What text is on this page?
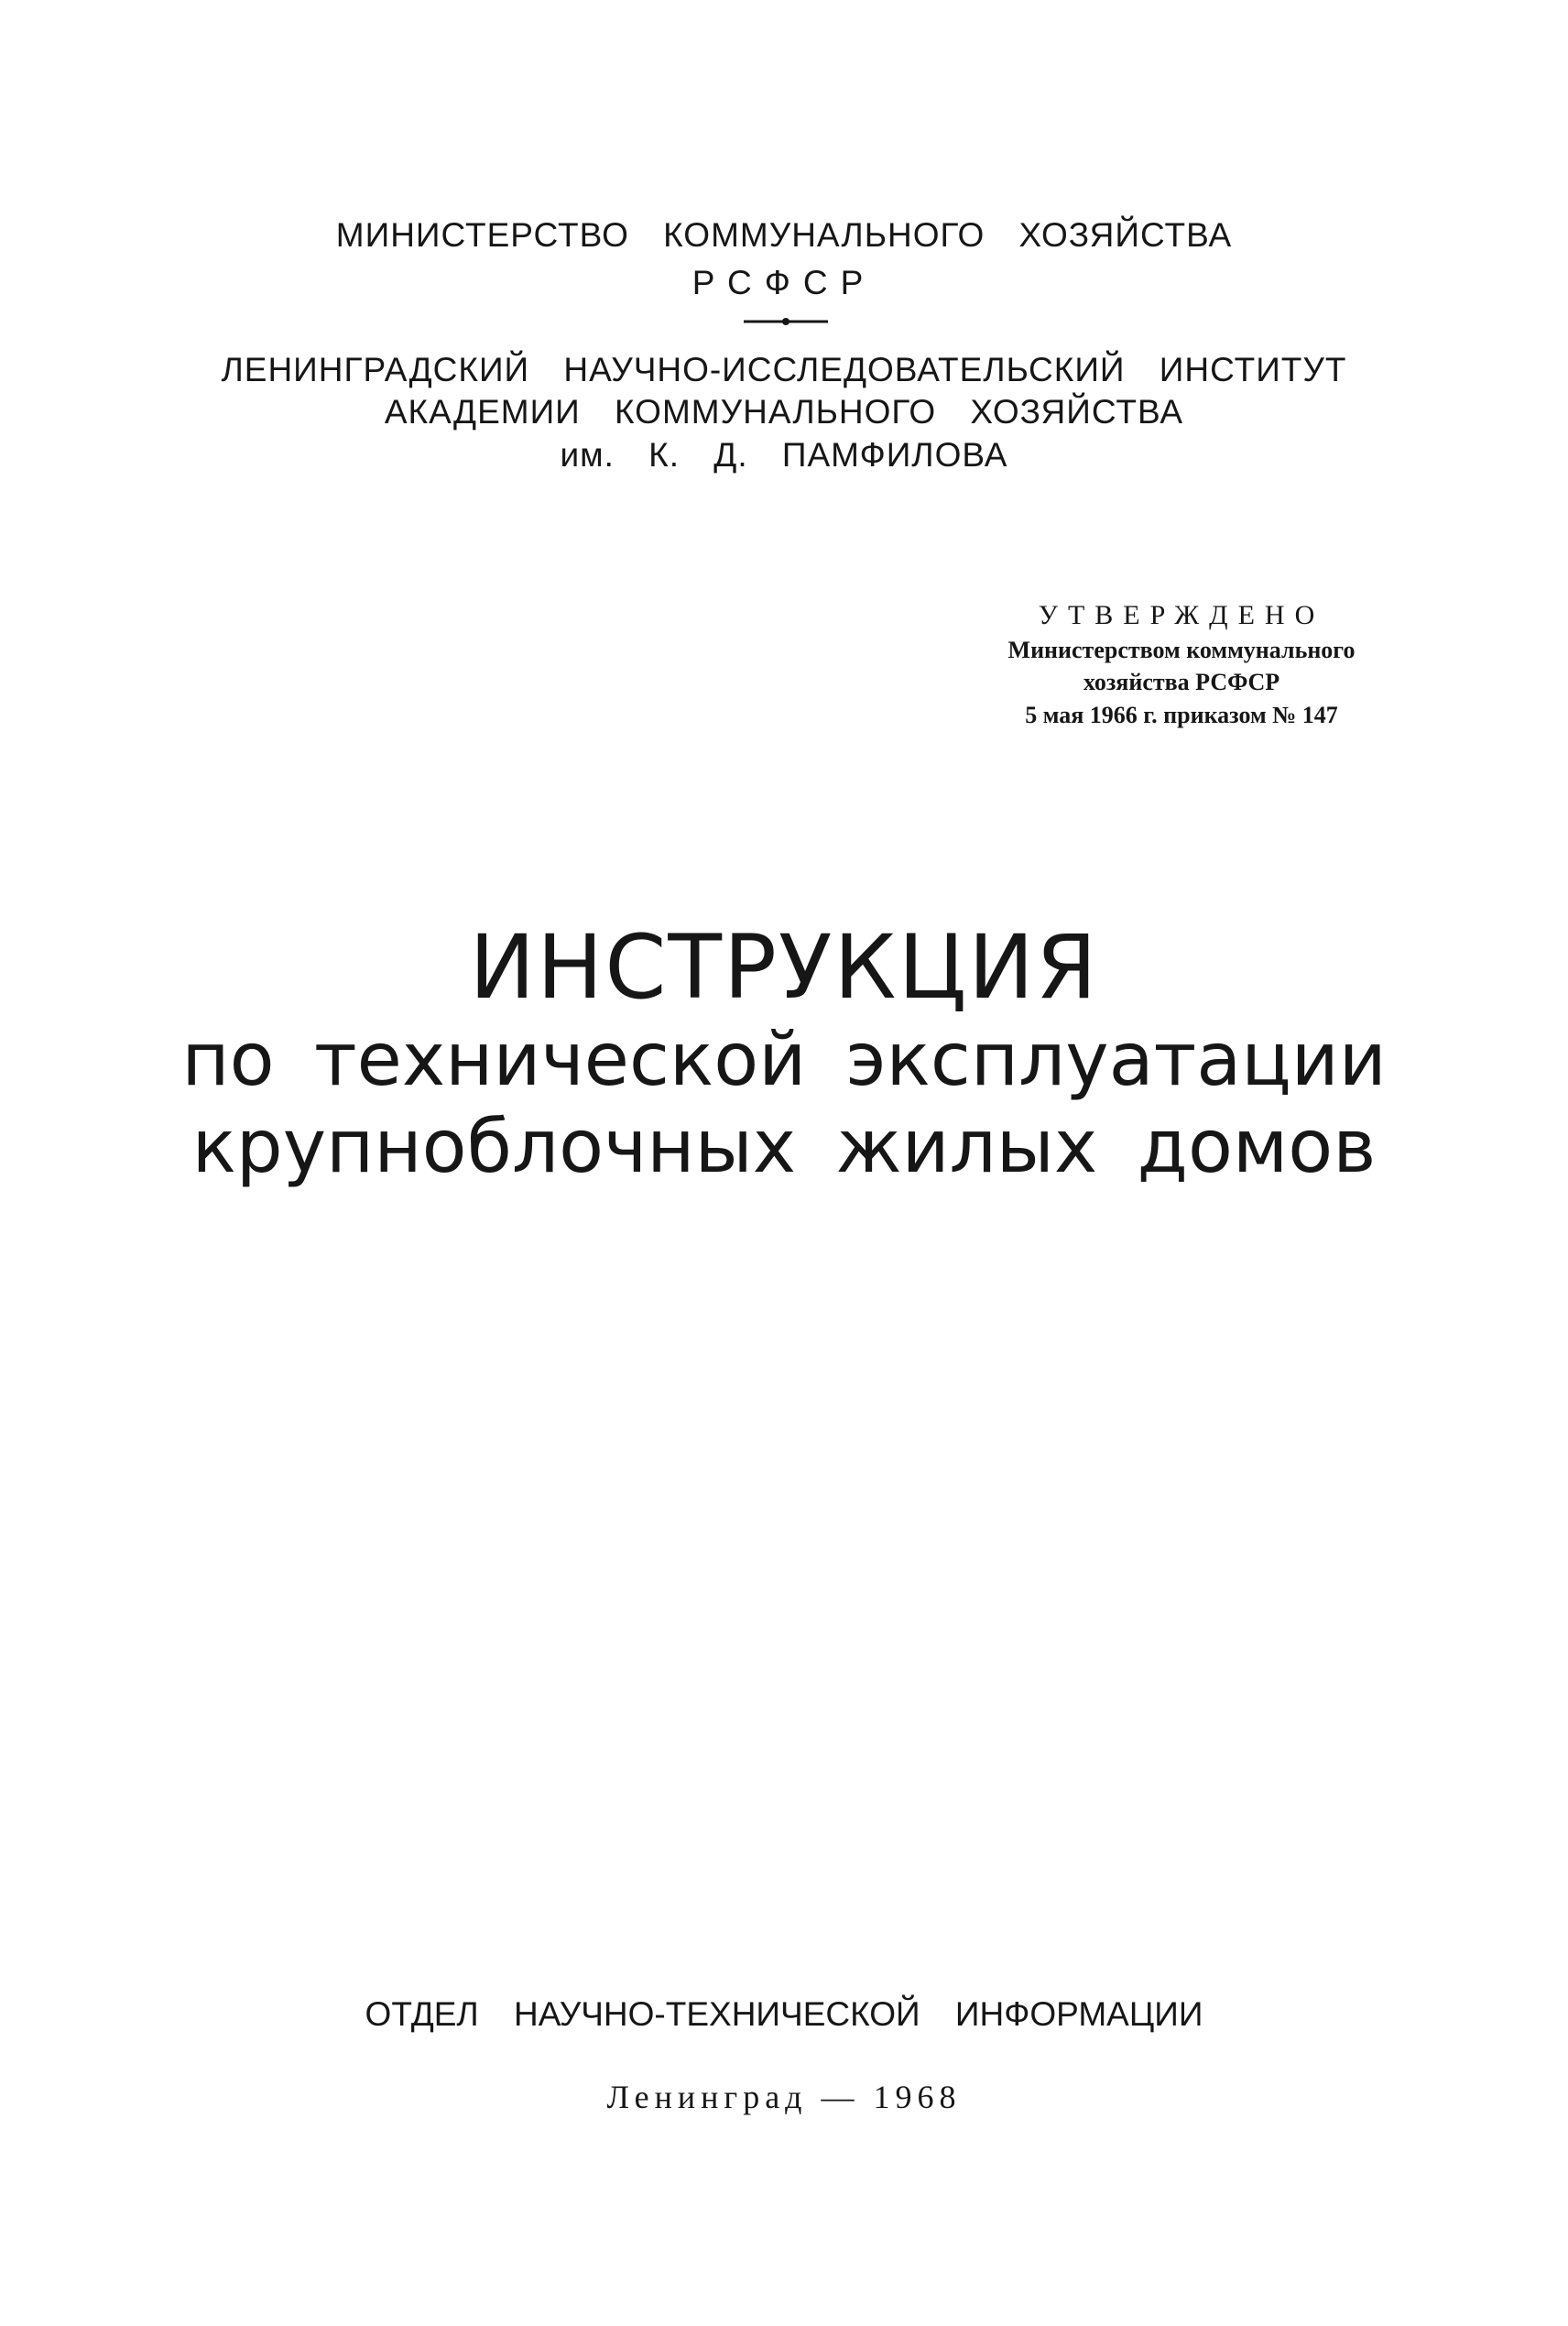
МИНИСТЕРСТВО КОММУНАЛЬНОГО ХОЗЯЙСТВА
РСФСР
ЛЕНИНГРАДСКИЙ НАУЧНО-ИССЛЕДОВАТЕЛЬСКИЙ ИНСТИТУТ
АКАДЕМИИ КОММУНАЛЬНОГО ХОЗЯЙСТВА
им. К. Д. ПАМФИЛОВА
УТВЕРЖДЕНО
Министерством коммунального
хозяйства РСФСР
5 мая 1966 г. приказом № 147
ИНСТРУКЦИЯ
по технической эксплуатации
крупноблочных жилых домов
ОТДЕЛ НАУЧНО-ТЕХНИЧЕСКОЙ ИНФОРМАЦИИ
Ленинград — 1968
